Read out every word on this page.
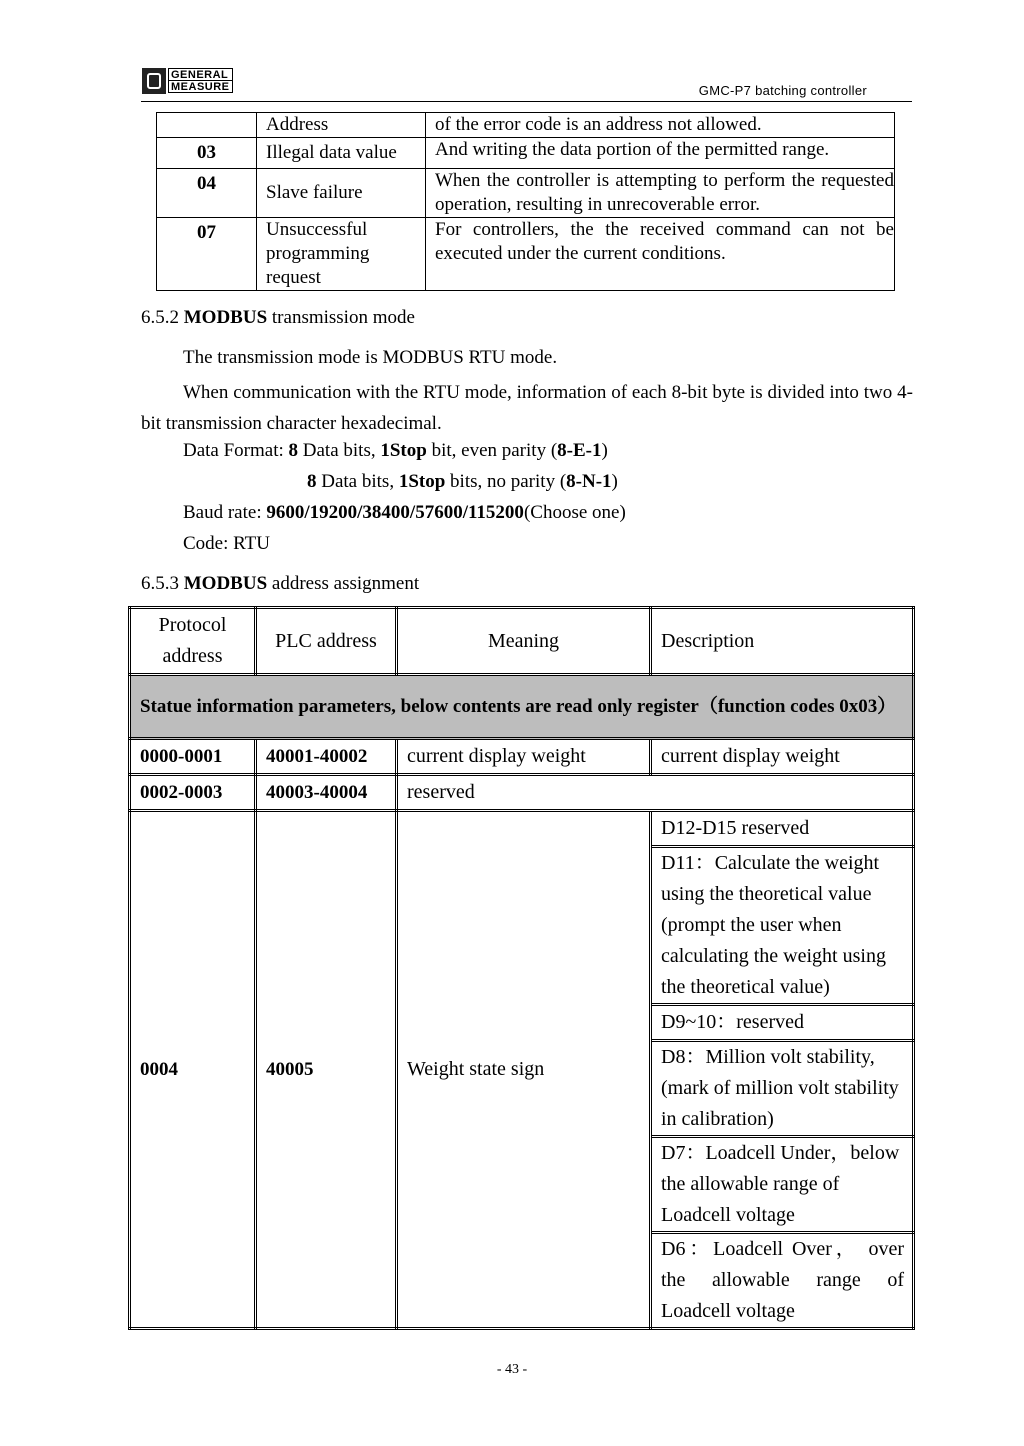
GENERAL
MEASURE	GMC-P7 batching controller
	Address	of the error code is an address not allowed.
03	Illegal data value	And writing the data portion of the permitted range.
04	Slave failure	When the controller is attempting to perform the requested operation, resulting in unrecoverable error.
07	Unsuccessful programming request	For controllers, the the received command can not be executed under the current conditions.
6.5.2 MODBUS transmission mode
The transmission mode is MODBUS RTU mode.
When communication with the RTU mode, information of each 8-bit byte is divided into two 4-bit transmission character hexadecimal.
Data Format: 8 Data bits, 1Stop bit, even parity (8-E-1)
8 Data bits, 1Stop bits, no parity (8-N-1)
Baud rate: 9600/19200/38400/57600/115200(Choose one)
Code: RTU
6.5.3 MODBUS address assignment
Protocol address	PLC address	Meaning	Description
Statue information parameters, below contents are read only register（function codes 0x03）			
0000-0001	40001-40002	current display weight	current display weight
0002-0003	40003-40004	reserved	
0004	40005	Weight state sign	D12-D15 reserved
			D11：Calculate the weight using the theoretical value (prompt the user when calculating the weight using the theoretical value)
			D9~10：reserved
			D8：Million volt stability, (mark of million volt stability in calibration)
			D7：Loadcell Under，below the allowable range of Loadcell voltage
			D6：Loadcell Over， over the allowable range of Loadcell voltage
- 43 -
